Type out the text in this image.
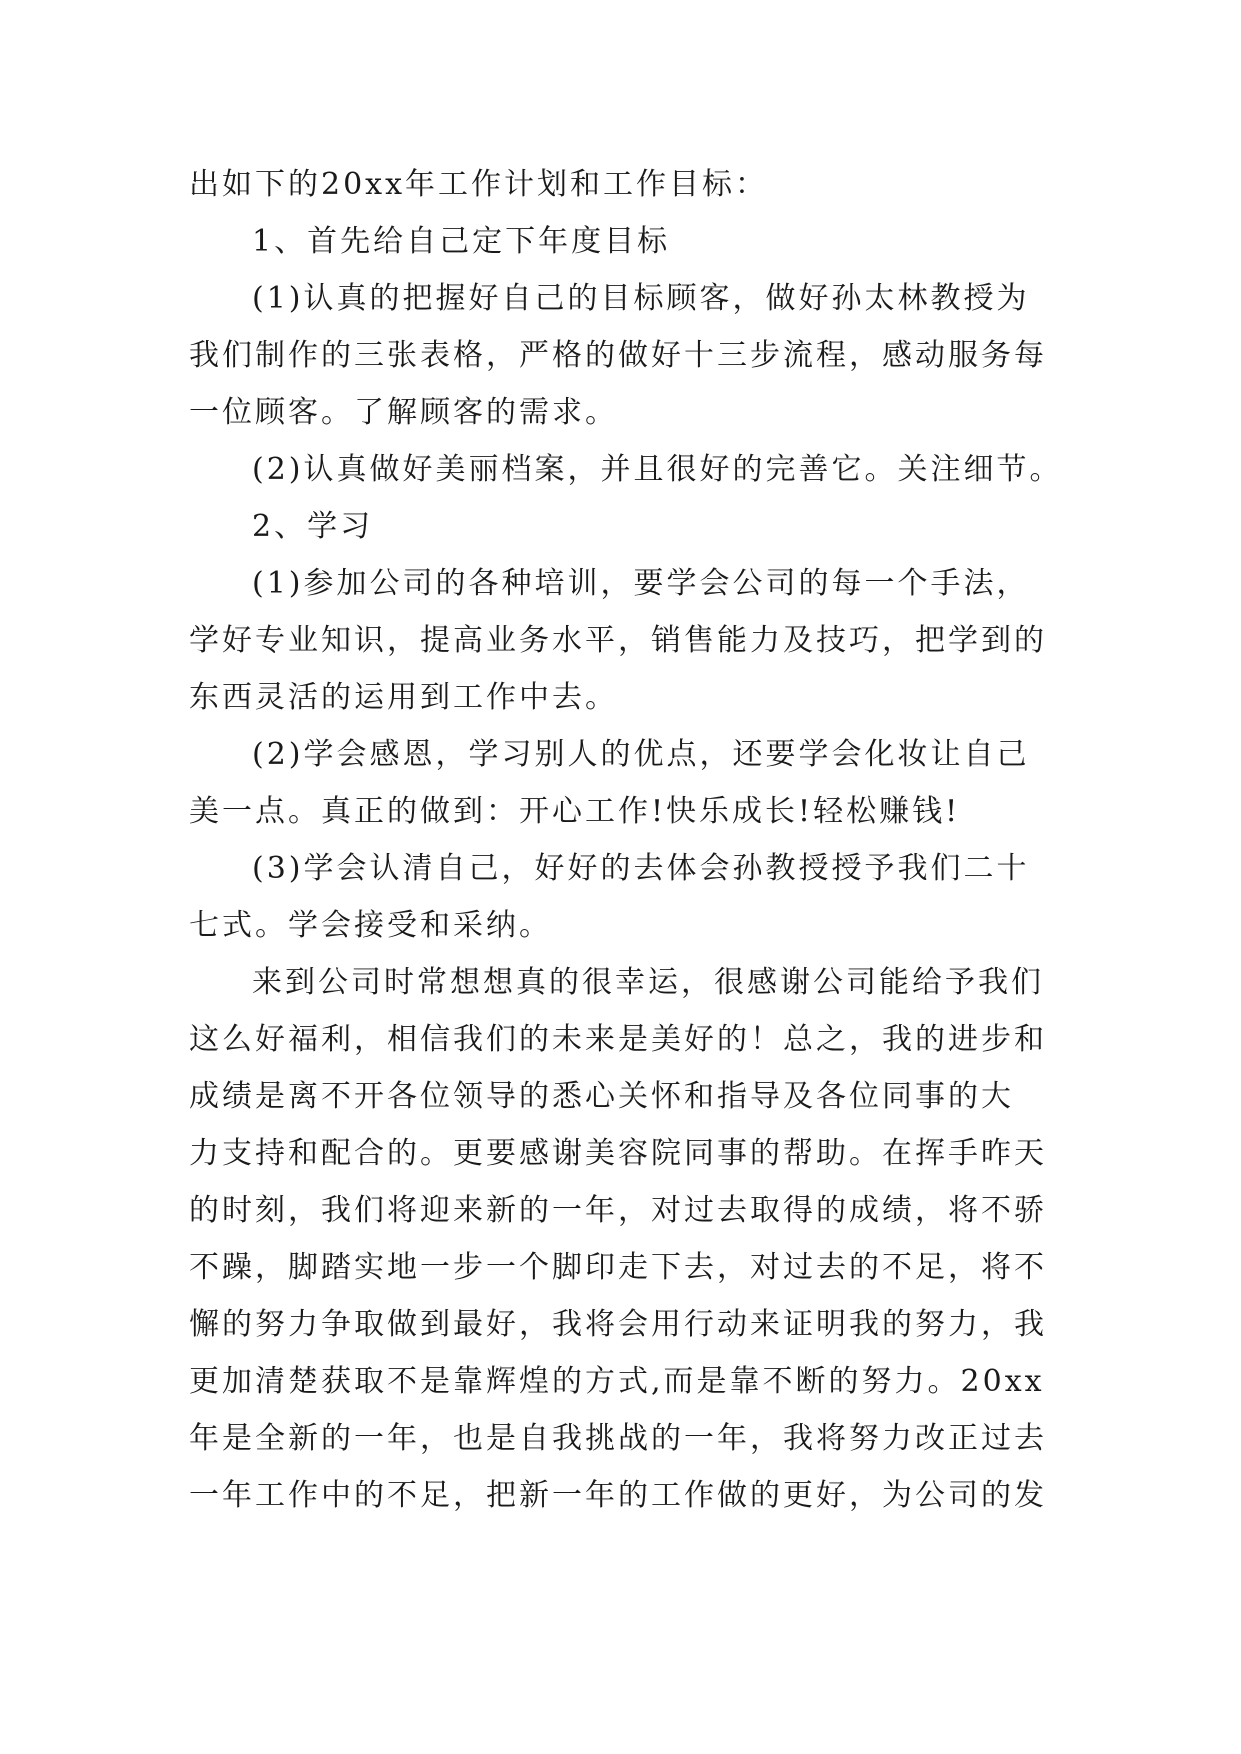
出如下的20xx年工作计划和工作目标：
1、首先给自己定下年度目标
(1)认真的把握好自己的目标顾客，做好孙太林教授为
我们制作的三张表格，严格的做好十三步流程，感动服务每
一位顾客。了解顾客的需求。
(2)认真做好美丽档案，并且很好的完善它。关注细节。
2、学习
(1)参加公司的各种培训，要学会公司的每一个手法，
学好专业知识，提高业务水平，销售能力及技巧，把学到的
东西灵活的运用到工作中去。
(2)学会感恩，学习别人的优点，还要学会化妆让自己
美一点。真正的做到：开心工作!快乐成长!轻松赚钱!
(3)学会认清自己，好好的去体会孙教授授予我们二十
七式。学会接受和采纳。
来到公司时常想想真的很幸运，很感谢公司能给予我们
这么好福利，相信我们的未来是美好的！总之，我的进步和
成绩是离不开各位领导的悉心关怀和指导及各位同事的大
力支持和配合的。更要感谢美容院同事的帮助。在挥手昨天
的时刻，我们将迎来新的一年，对过去取得的成绩，将不骄
不躁，脚踏实地一步一个脚印走下去，对过去的不足，将不
懈的努力争取做到最好，我将会用行动来证明我的努力，我
更加清楚获取不是靠辉煌的方式,而是靠不断的努力。20xx
年是全新的一年，也是自我挑战的一年，我将努力改正过去
一年工作中的不足，把新一年的工作做的更好，为公司的发
